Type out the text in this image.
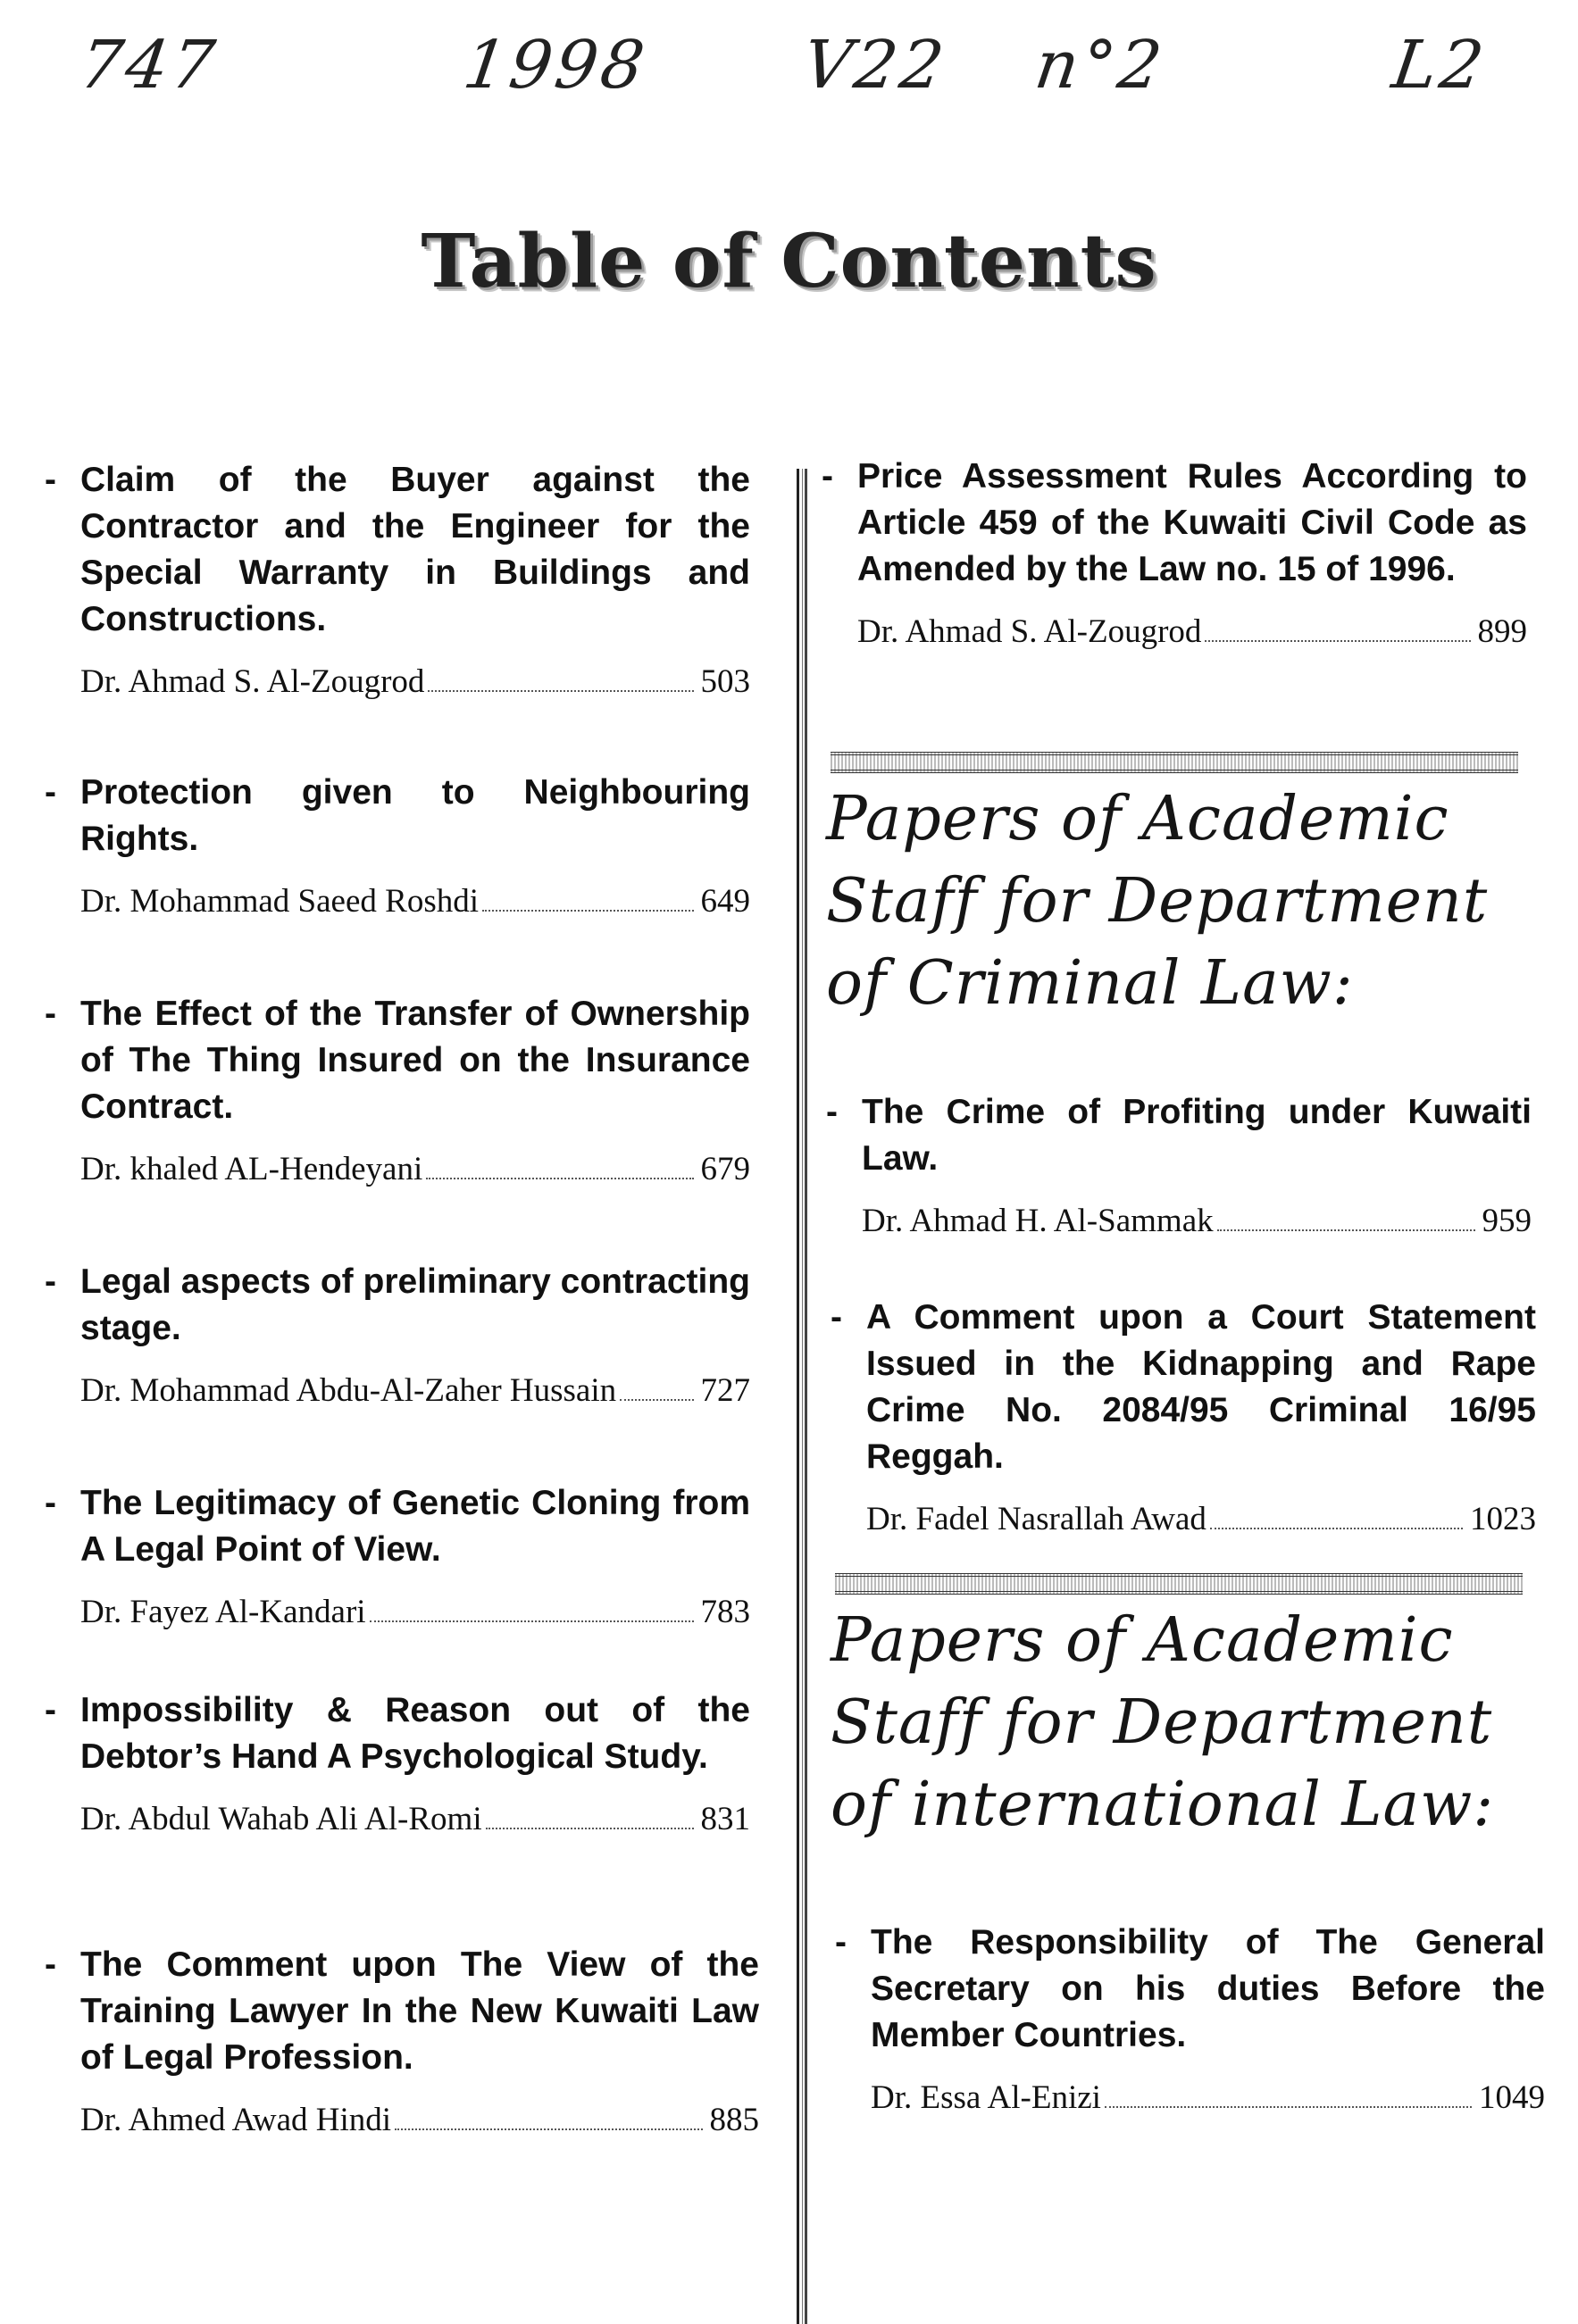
747	1998 V22 n°2	L2
Table of Contents

- Claim of the Buyer against the Contractor and the Engineer for the Special Warranty in Buildings and Constructions.

Dr. Ahmad S. Al-Zougrod	503

- Protection given to Neighbouring Rights.

Dr. Mohammad Saeed Roshdi	649

- The Effect of the Transfer of Ownership of The Thing Insured on the Insurance Contract.

Dr. khaled AL-Hendeyani	679

- Legal aspects of preliminary contracting stage.

Dr. Mohammad Abdu-Al-Zaher Hussain	727

- The Legitimacy of Genetic Cloning from A Legal Point of View.

Dr. Fayez Al-Kandari	783

- Impossibility & Reason out of the Debtor’s Hand A Psychological Study.

Dr. Abdul Wahab Ali Al-Romi	831

- The Comment upon The View of the Training Lawyer In the New Kuwaiti Law of Legal Profession.

Dr. Ahmed Awad Hindi	885

- Price Assessment Rules According to Article 459 of the Kuwaiti Civil Code as Amended by the Law no. 15 of 1996.

Dr. Ahmad S. Al-Zougrod	899
Papers of Academic Staff for Department of Criminal Law:

- The Crime of Profiting under Kuwaiti Law.

Dr. Ahmad H. Al-Sammak	959

- A Comment upon a Court Statement Issued in the Kidnapping and Rape Crime No. 2084/95 Criminal 16/95 Reggah.

Dr. Fadel Nasrallah Awad	1023
Papers of Academic Staff for Department of international Law:

- The Responsibility of The General Secretary on his duties Before the Member Countries.

Dr. Essa Al-Enizi	1049
